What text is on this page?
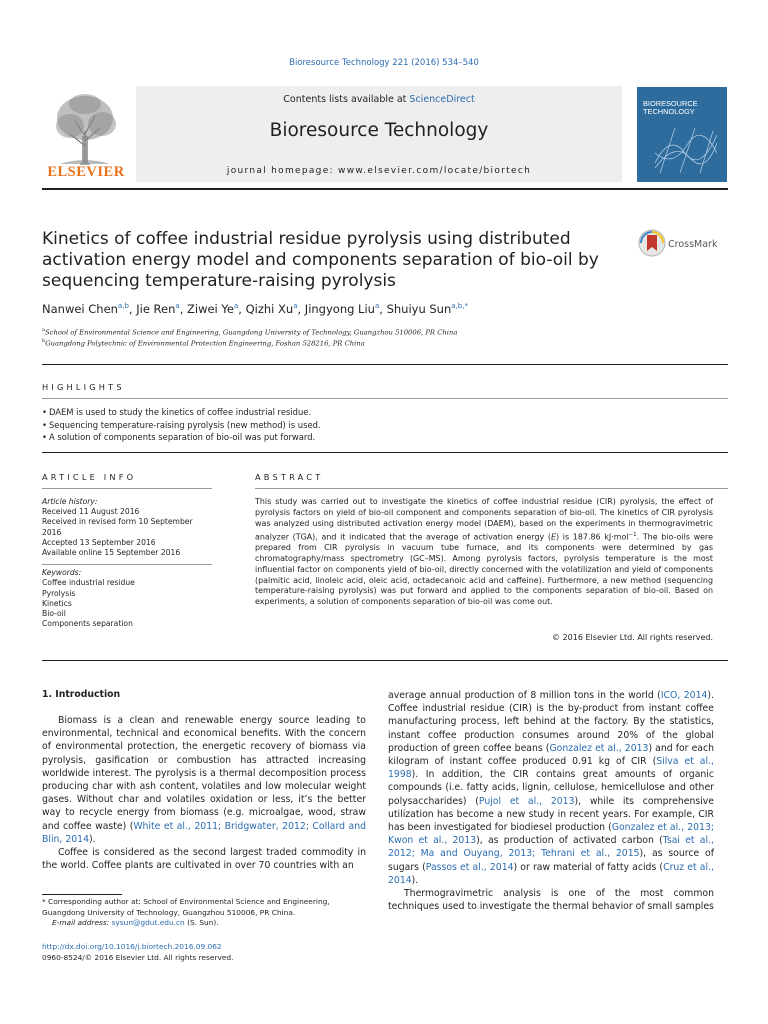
Bioresource Technology 221 (2016) 534–540
ELSEVIER
Contents lists available at ScienceDirect
Bioresource Technology
journal homepage: www.elsevier.com/locate/biortech
BIORESOURCE
TECHNOLOGY
Kinetics of coffee industrial residue pyrolysis using distributed activation energy model and components separation of bio-oil by sequencing temperature-raising pyrolysis
CrossMark
Nanwei Chen$^{a,b}$, Jie Ren$^a$, Ziwei Ye$^a$, Qizhi Xu$^a$, Jingyong Liu$^a$, Shuiyu Sun$^{a,b,*}$
$^a$School of Environmental Science and Engineering, Guangdong University of Technology, Guangzhou 510006, PR China
$^b$Guangdong Polytechnic of Environmental Protection Engineering, Foshan 528216, PR China
HIGHLIGHTS
• DAEM is used to study the kinetics of coffee industrial residue.
• Sequencing temperature-raising pyrolysis (new method) is used.
• A solution of components separation of bio-oil was put forward.
ARTICLE INFO	ABSTRACT
Article history:
Received 11 August 2016
Received in revised form 10 September 2016
Accepted 13 September 2016
Available online 15 September 2016
Keywords:
Coffee industrial residue
Pyrolysis
Kinetics
Bio-oil
Components separation
This study was carried out to investigate the kinetics of coffee industrial residue (CIR) pyrolysis, the effect of pyrolysis factors on yield of bio-oil component and components separation of bio-oil. The kinetics of CIR pyrolysis was analyzed using distributed activation energy model (DAEM), based on the experiments in thermogravimetric analyzer (TGA), and it indicated that the average of activation energy (E) is 187.86 kJ·mol$^{-1}$. The bio-oils were prepared from CIR pyrolysis in vacuum tube furnace, and its components were determined by gas chromatography/mass spectrometry (GC–MS). Among pyrolysis factors, pyrolysis temperature is the most influential factor on components yield of bio-oil, directly concerned with the volatilization and yield of components (palmitic acid, linoleic acid, oleic acid, octadecanoic acid and caffeine). Furthermore, a new method (sequencing temperature-raising pyrolysis) was put forward and applied to the components separation of bio-oil. Based on experiments, a solution of components separation of bio-oil was come out.
© 2016 Elsevier Ltd. All rights reserved.
1. Introduction

Biomass is a clean and renewable energy source leading to environmental, technical and economical benefits. With the concern of environmental protection, the energetic recovery of biomass via pyrolysis, gasification or combustion has attracted increasing worldwide interest. The pyrolysis is a thermal decomposition process producing char with ash content, volatiles and low molecular weight gases. Without char and volatiles oxidation or less, it’s the better way to recycle energy from biomass (e.g. microalgae, wood, straw and coffee waste) (White et al., 2011; Bridgwater, 2012; Collard and Blin, 2014).

Coffee is considered as the second largest traded commodity in the world. Coffee plants are cultivated in over 70 countries with an

average annual production of 8 million tons in the world (ICO, 2014). Coffee industrial residue (CIR) is the by-product from instant coffee manufacturing process, left behind at the factory. By the statistics, instant coffee production consumes around 20% of the global production of green coffee beans (Gonzalez et al., 2013) and for each kilogram of instant coffee produced 0.91 kg of CIR (Silva et al., 1998). In addition, the CIR contains great amounts of organic compounds (i.e. fatty acids, lignin, cellulose, hemicellulose and other polysaccharides) (Pujol et al., 2013), while its comprehensive utilization has become a new study in recent years. For example, CIR has been investigated for biodiesel production (Gonzalez et al., 2013; Kwon et al., 2013), as production of activated carbon (Tsai et al., 2012; Ma and Ouyang, 2013; Tehrani et al., 2015), as source of sugars (Passos et al., 2014) or raw material of fatty acids (Cruz et al., 2014).

Thermogravimetric analysis is one of the most common techniques used to investigate the thermal behavior of small samples

* Corresponding author at: School of Environmental Science and Engineering, Guangdong University of Technology, Guangzhou 510006, PR China.
E-mail address: sysun@gdut.edu.cn (S. Sun).
http://dx.doi.org/10.1016/j.biortech.2016.09.062
0960-8524/© 2016 Elsevier Ltd. All rights reserved.
